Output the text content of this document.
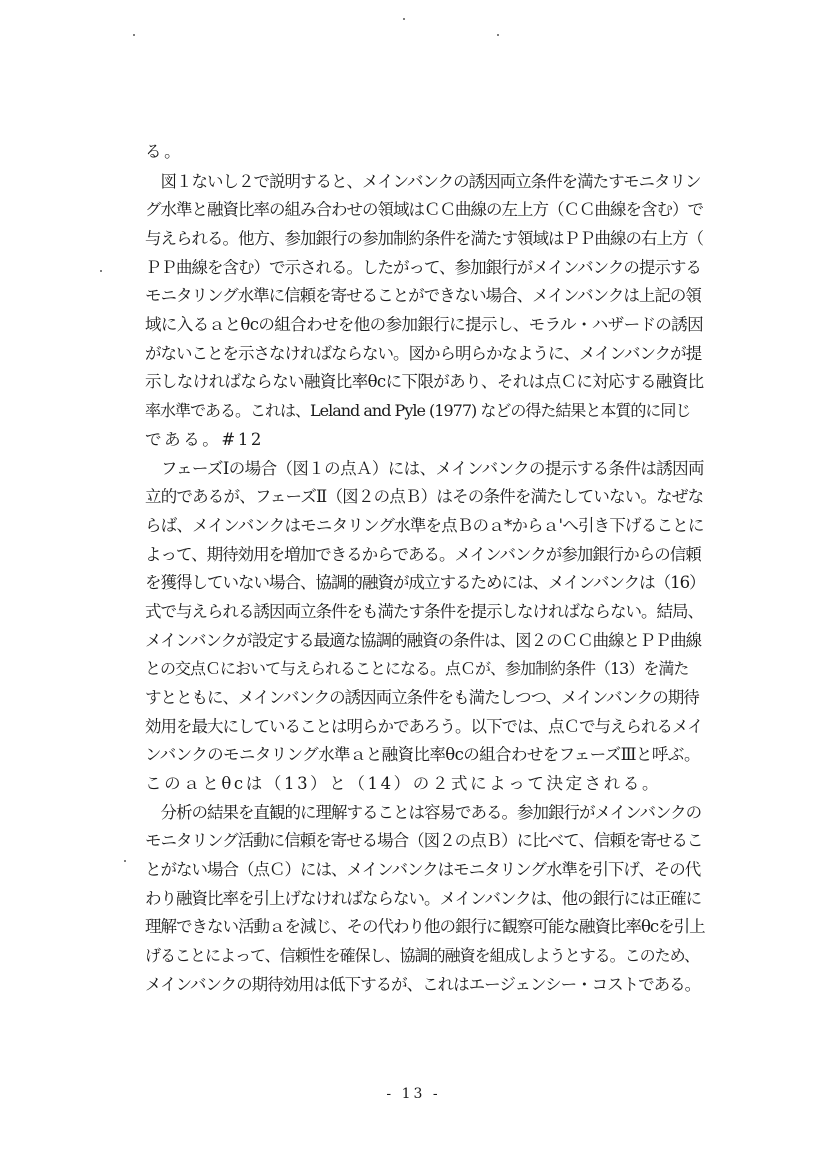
る。
　図１ないし２で説明すると、メインバンクの誘因両立条件を満たすモニタリン
グ水準と融資比率の組み合わせの領域はＣＣ曲線の左上方（ＣＣ曲線を含む）で
与えられる。他方、参加銀行の参加制約条件を満たす領域はＰＰ曲線の右上方（
ＰＰ曲線を含む）で示される。したがって、参加銀行がメインバンクの提示する
モニタリング水準に信頼を寄せることができない場合、メインバンクは上記の領
域に入るａとθcの組合わせを他の参加銀行に提示し、モラル・ハザードの誘因
がないことを示さなければならない。図から明らかなように、メインバンクが提
示しなければならない融資比率θcに下限があり、それは点Ｃに対応する融資比
率水準である。これは、Leland and Pyle (1977) などの得た結果と本質的に同じ
である。#12
　フェーズⅠの場合（図１の点Ａ）には、メインバンクの提示する条件は誘因両
立的であるが、フェーズⅡ（図２の点Ｂ）はその条件を満たしていない。なぜな
らば、メインバンクはモニタリング水準を点Ｂのａ*からａ'へ引き下げることに
よって、期待効用を増加できるからである。メインバンクが参加銀行からの信頼
を獲得していない場合、協調的融資が成立するためには、メインバンクは（16）
式で与えられる誘因両立条件をも満たす条件を提示しなければならない。結局、
メインバンクが設定する最適な協調的融資の条件は、図２のＣＣ曲線とＰＰ曲線
との交点Ｃにおいて与えられることになる。点Ｃが、参加制約条件（13）を満た
すとともに、メインバンクの誘因両立条件をも満たしつつ、メインバンクの期待
効用を最大にしていることは明らかであろう。以下では、点Ｃで与えられるメイ
ンバンクのモニタリング水準ａと融資比率θcの組合わせをフェーズⅢと呼ぶ。
このａとθcは（13）と（14）の２式によって決定される。
　分析の結果を直観的に理解することは容易である。参加銀行がメインバンクの
モニタリング活動に信頼を寄せる場合（図２の点Ｂ）に比べて、信頼を寄せるこ
とがない場合（点Ｃ）には、メインバンクはモニタリング水準を引下げ、その代
わり融資比率を引上げなければならない。メインバンクは、他の銀行には正確に
理解できない活動ａを減じ、その代わり他の銀行に観察可能な融資比率θcを引上
げることによって、信頼性を確保し、協調的融資を組成しようとする。このため、
メインバンクの期待効用は低下するが、これはエージェンシー・コストである。
- 13 -
